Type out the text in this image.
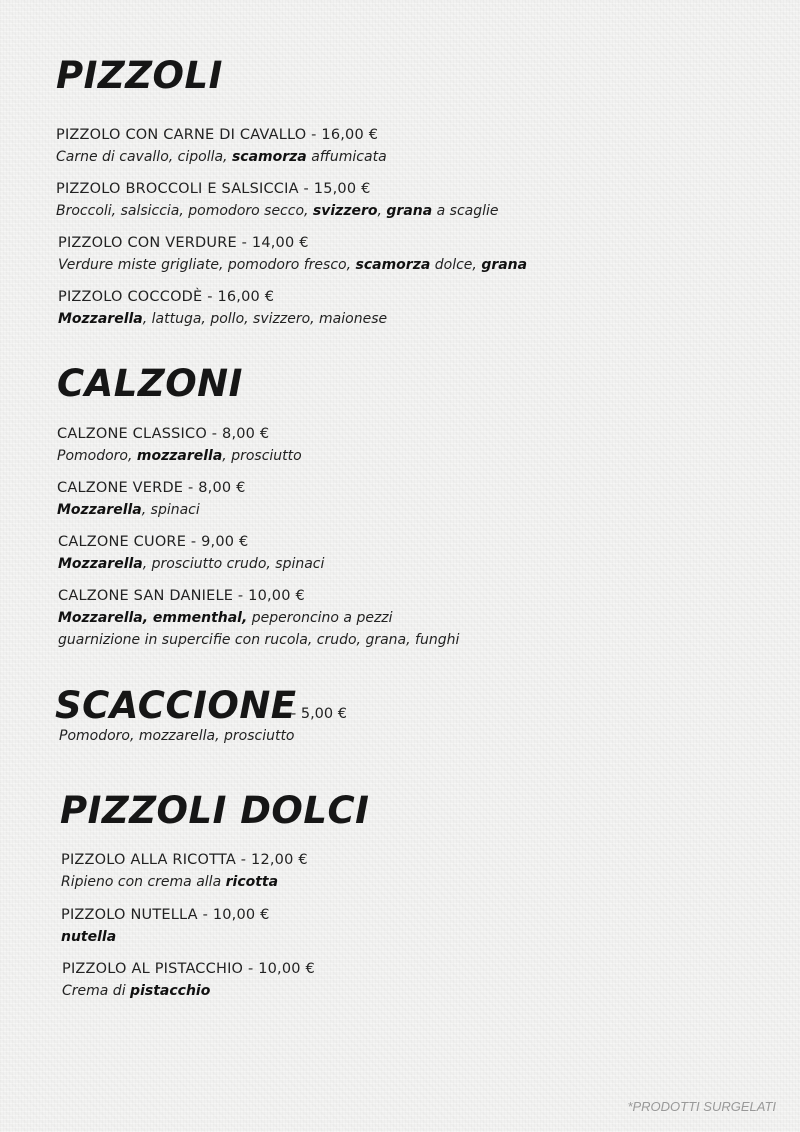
PIZZOLI
PIZZOLO CON CARNE DI CAVALLO - 16,00 €
Carne di cavallo, cipolla, scamorza affumicata
PIZZOLO BROCCOLI E SALSICCIA - 15,00 €
Broccoli, salsiccia, pomodoro secco, svizzero, grana a scaglie
PIZZOLO CON VERDURE - 14,00 €
Verdure miste grigliate, pomodoro fresco, scamorza dolce, grana
PIZZOLO COCCODÈ - 16,00 €
Mozzarella, lattuga, pollo, svizzero, maionese
CALZONI
CALZONE CLASSICO - 8,00 €
Pomodoro, mozzarella, prosciutto
CALZONE VERDE - 8,00 €
Mozzarella, spinaci
CALZONE CUORE - 9,00 €
Mozzarella, prosciutto crudo, spinaci
CALZONE SAN DANIELE - 10,00 €
Mozzarella, emmenthal, peperoncino a pezzi
guarnizione in supercifie con rucola, crudo, grana, funghi
SCACCIONE
- 5,00 €
Pomodoro, mozzarella, prosciutto
PIZZOLI DOLCI
PIZZOLO ALLA RICOTTA - 12,00 €
Ripieno con crema alla ricotta
PIZZOLO NUTELLA - 10,00 €
nutella
PIZZOLO AL PISTACCHIO - 10,00 €
Crema di pistacchio
*PRODOTTI SURGELATI
